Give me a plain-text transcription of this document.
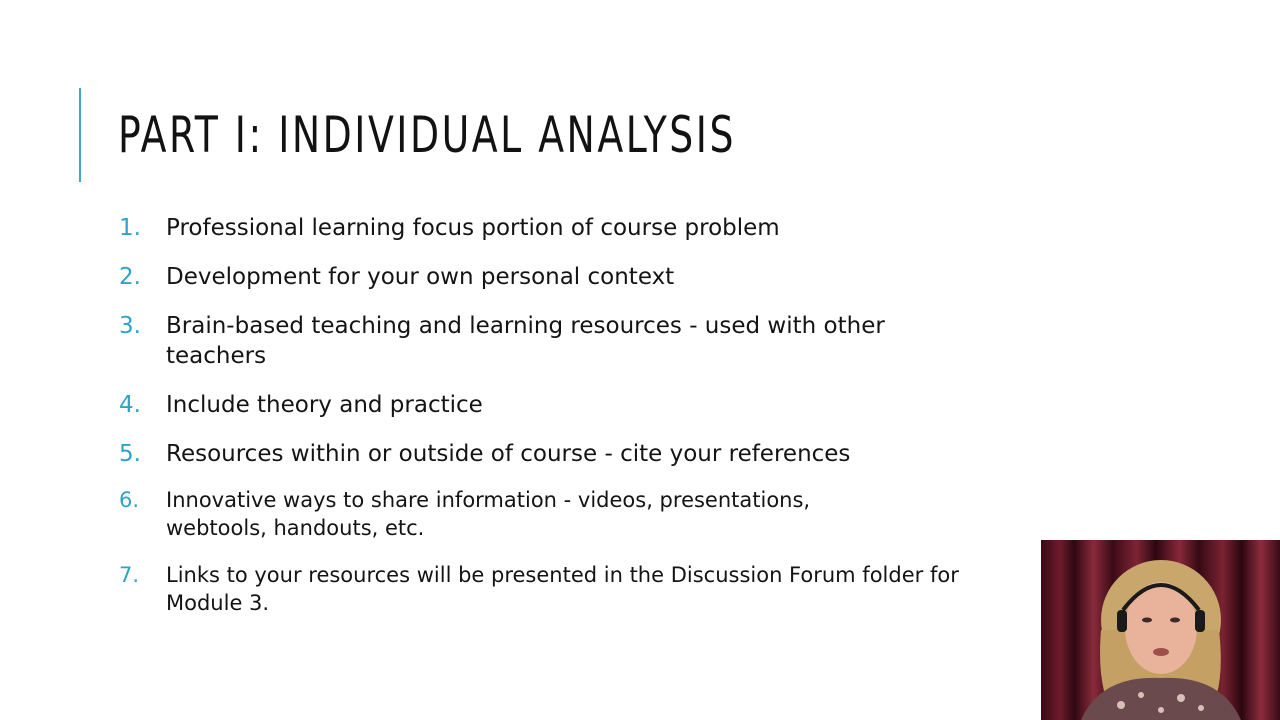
PART I: INDIVIDUAL ANALYSIS
1. Professional learning focus portion of course problem
2. Development for your own personal context
3. Brain-based teaching and learning resources - used with other teachers
4. Include theory and practice
5. Resources within or outside of course - cite your references
6. Innovative ways to share information - videos, presentations, webtools, handouts, etc.
7. Links to your resources will be presented in the Discussion Forum folder for Module 3.
